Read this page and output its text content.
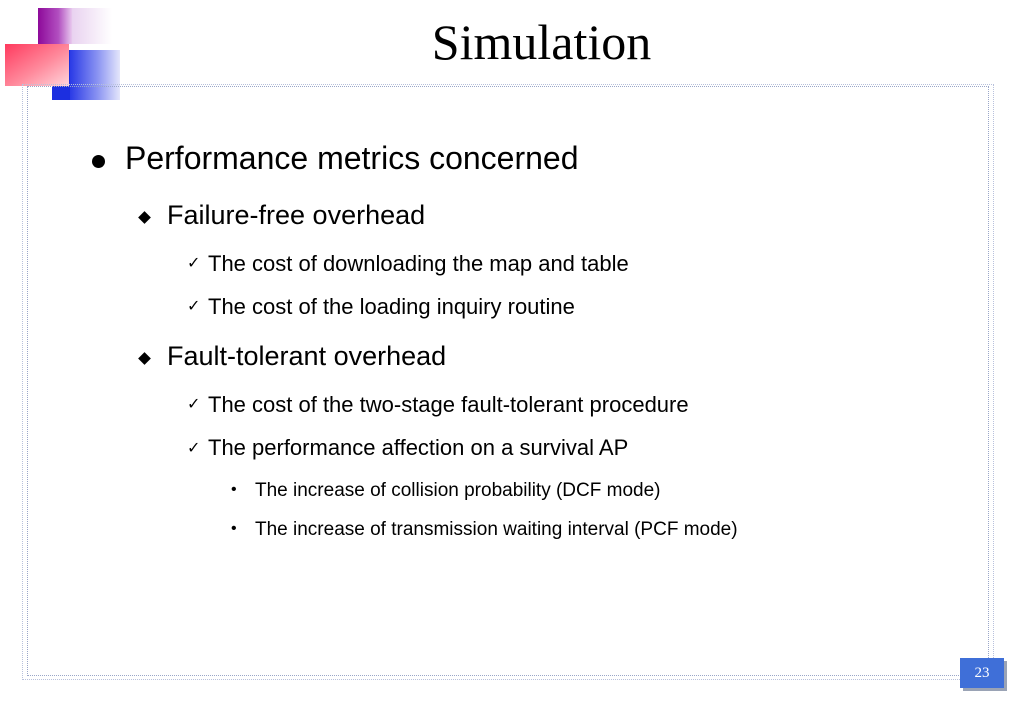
Simulation
Performance metrics concerned
Failure-free overhead
✓ The cost of downloading the map and table
✓ The cost of the loading inquiry routine
Fault-tolerant overhead
✓ The cost of the two-stage fault-tolerant procedure
✓ The performance affection on a survival AP
• The increase of collision probability (DCF mode)
• The increase of transmission waiting interval (PCF mode)
23
